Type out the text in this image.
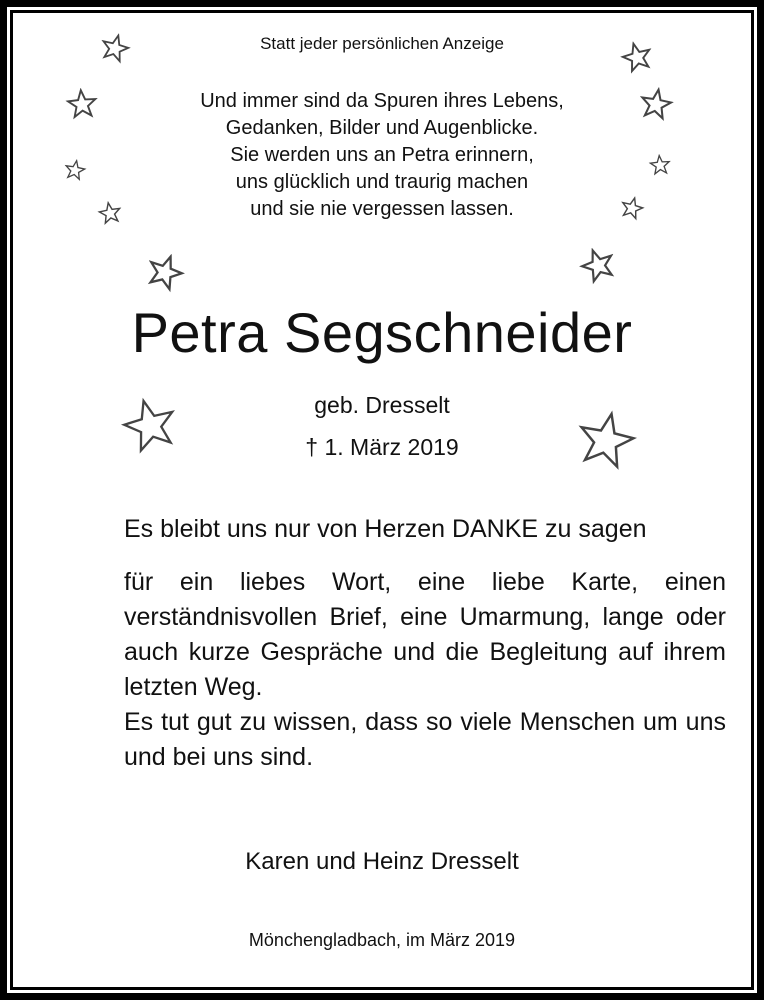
Statt jeder persönlichen Anzeige
Und immer sind da Spuren ihres Lebens,
Gedanken, Bilder und Augenblicke.
Sie werden uns an Petra erinnern,
uns glücklich und traurig machen
und sie nie vergessen lassen.
Petra Segschneider
geb. Dresselt
† 1. März 2019
Es bleibt uns nur von Herzen DANKE zu sagen
für ein liebes Wort, eine liebe Karte, einen verständnisvollen Brief, eine Umarmung, lange oder auch kurze Gespräche und die Begleitung auf ihrem letzten Weg.
Es tut gut zu wissen, dass so viele Menschen um uns und bei uns sind.
Karen und Heinz Dresselt
Mönchengladbach, im März 2019
